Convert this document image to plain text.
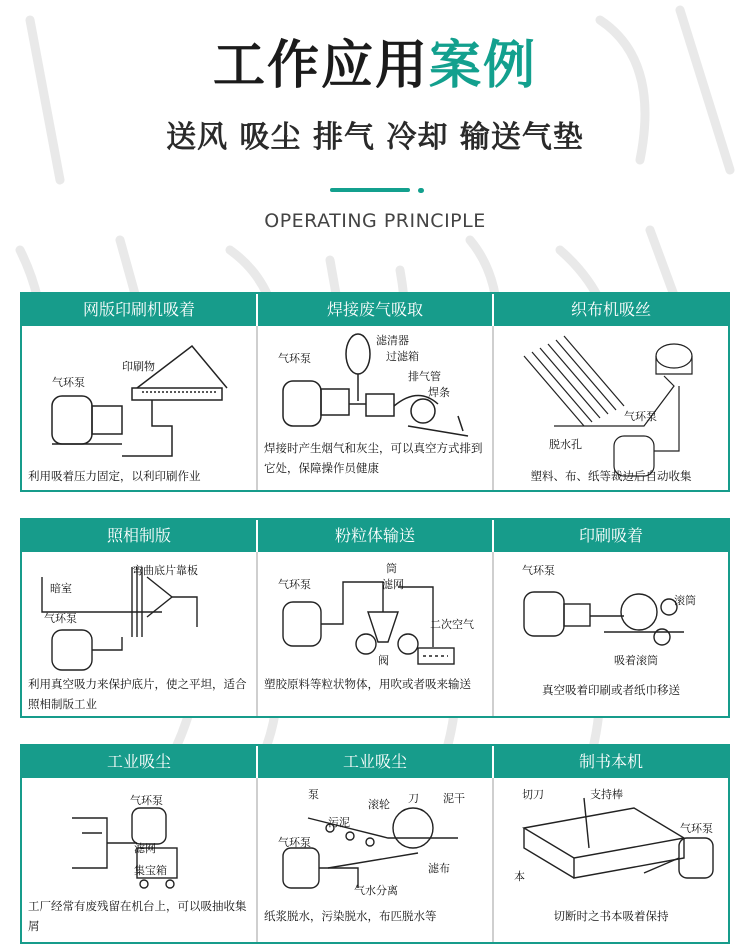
工作应用案例
送风 吸尘 排气 冷却 输送气垫
OPERATING PRINCIPLE
网版印刷机吸着	焊接废气吸取	织布机吸丝
印刷物
气环泵
利用吸着压力固定，以利印刷作业
滤清器
过滤箱
气环泵
排气管
焊条
焊接时产生烟气和灰尘，可以真空方式排到它处，保障操作员健康
气环泵
脱水孔
塑料、布、纸等裁边后自动收集
照相制版	粉粒体输送	印刷吸着
暗室
弯曲底片靠板
气环泵
利用真空吸力来保护底片，使之平坦，适合照相制版工业
筒
滤网
气环泵
二次空气
阀
塑胶原料等粒状物体，用吹或者吸来输送
气环泵
滚筒
吸着滚筒
真空吸着印刷或者纸巾移送
工业吸尘	工业吸尘	制书本机
气环泵
滤网
集宝箱
工厂经常有废残留在机台上，可以吸抽收集屑
泵
气环泵
污泥
滚轮 刀 泥干
气水分离
滤布
纸浆脱水，污染脱水，布匹脱水等
切刀	支持棒
气环泵
本
切断时之书本吸着保持
